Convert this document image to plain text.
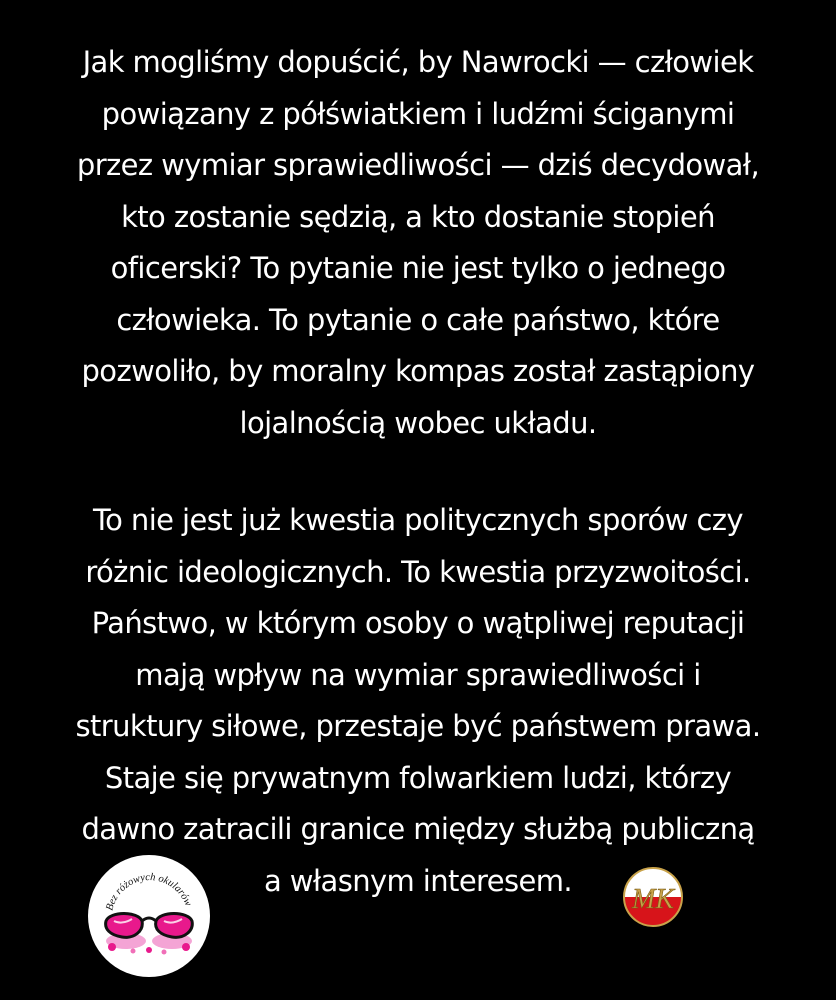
Jak mogliśmy dopuścić, by Nawrocki — człowiek
powiązany z półświatkiem i ludźmi ściganymi
przez wymiar sprawiedliwości — dziś decydował,
kto zostanie sędzią, a kto dostanie stopień
oficerski? To pytanie nie jest tylko o jednego
człowieka. To pytanie o całe państwo, które
pozwoliło, by moralny kompas został zastąpiony
lojalnością wobec układu.
To nie jest już kwestia politycznych sporów czy
różnic ideologicznych. To kwestia przyzwoitości.
Państwo, w którym osoby o wątpliwej reputacji
mają wpływ na wymiar sprawiedliwości i
struktury siłowe, przestaje być państwem prawa.
Staje się prywatnym folwarkiem ludzi, którzy
dawno zatracili granice między służbą publiczną
a własnym interesem.
Bez różowych okularów	MK
